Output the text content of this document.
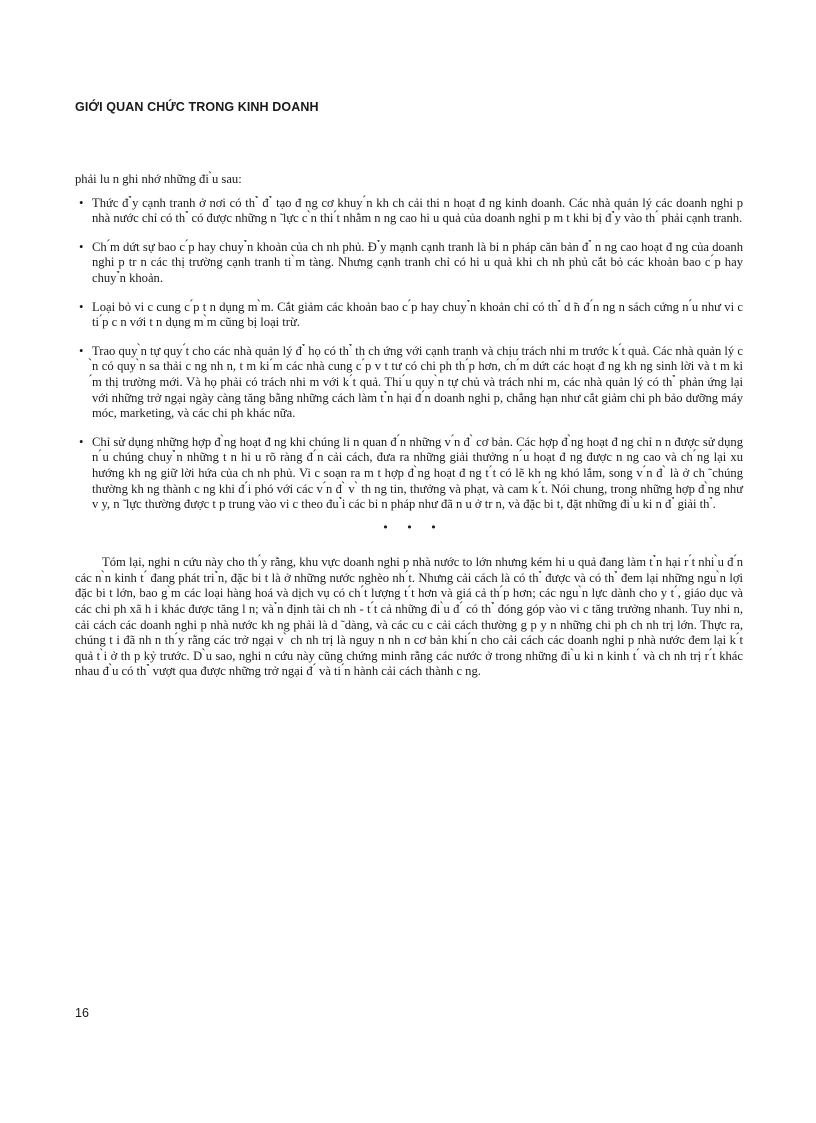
GIỚI QUAN CHỨC TRONG KINH DOANH

phải lu n ghi nhớ những đi ̀u sau:

• Thức đ ̉y cạnh tranh ở nơi có th ̉ đ ̉ tạo đ ng cơ khuy ́n kh ch cải thi n hoạt đ ng kinh doanh. Các nhà quản lý các doanh nghi p nhà nước chỉ có th ̉ có được những n ̃ lực c ̀n thi ́t nhằm n ng cao hi u quả của doanh nghi p m t khi bị đ ̉y vào th ́ phải cạnh tranh.
• Ch ́m dứt sự bao c ́p hay chuy ̉n khoản của ch nh phủ. Đ ̉y mạnh cạnh tranh là bi n pháp căn bản đ ̉ n ng cao hoạt đ ng của doanh nghi p tr n các thị trường cạnh tranh ti ̀m tàng. Nhưng cạnh tranh chỉ có hi u quả khi ch nh phủ cắt bỏ các khoản bao c ́p hay chuy ̉n khoản.
• Loại bỏ vi c cung c ́p t n dụng m ̀m. Cắt giảm các khoản bao c ́p hay chuy ̉n khoản chỉ có th ̉ d ̃n đ ́n ng n sách cứng n ́u như vi c ti ́p c n với t n dụng m ̀m cũng bị loại trừ.
• Trao quy ̀n tự quy ́t cho các nhà quản lý đ ̉ họ có th ̉ th ch ứng với cạnh tranh và chịu trách nhi m trước k ́t quả. Các nhà quản lý c ̀n có quy ̀n sa thải c ng nh n, t m ki ́m các nhà cung c ́p v t tư có chi ph th ́p hơn, ch ́m dứt các hoạt đ ng kh ng sinh lời và t m ki ́m thị trường mới. Và họ phải có trách nhi m với k ́t quả. Thi ́u quy ̀n tự chủ và trách nhi m, các nhà quản lý có th ̉ phản ứng lại với những trở ngại ngày càng tăng bằng những cách làm t ̉n hại đ ́n doanh nghi p, chẳng hạn như cắt giảm chi ph bảo dưỡng máy móc, marketing, và các chi ph khác nữa.
• Chỉ sử dụng những hợp đ ̀ng hoạt đ ng khi chúng li n quan đ ́n những v ́n đ ̀ cơ bản. Các hợp đ ̀ng hoạt đ ng chỉ n n được sử dụng n ́u chúng chuy ̉n những t n hi u rõ ràng đ ́n cải cách, đưa ra những giải thưởng n ́u hoạt đ ng được n ng cao và ch ́ng lại xu hướng kh ng giữ lời hứa của ch nh phủ. Vi c soạn ra m t hợp đ ̀ng hoạt đ ng t ́t có lẽ kh ng khó lắm, song v ́n đ ̀ là ở ch ̃ chúng thường kh ng thành c ng khi đ ́i phó với các v ́n đ ̀ v ̀ th ng tin, thưởng và phạt, và cam k ́t. Nói chung, trong những hợp đ ̀ng như v y, n ̃ lực thường được t p trung vào vi c theo đu ̉i các bi n pháp như đã n u ở tr n, và đặc bi t, đặt những đi ̀u ki n đ ̉ giải th ̉.
• • •

Tóm lại, nghi n cứu này cho th ́y rằng, khu vực doanh nghi p nhà nước to lớn nhưng kém hi u quả đang làm t ̉n hại r ́t nhi ̀u đ ́n các n ̀n kinh t ́ đang phát tri ̉n, đặc bi t là ở những nước nghèo nh ́t. Nhưng cải cách là có th ̉ được và có th ̉ đem lại những ngu ̀n lợi đặc bi t lớn, bao g ̀m các loại hàng hoá và dịch vụ có ch ́t lượng t ́t hơn và giá cả th ́p hơn; các ngu ̀n lực dành cho y t ́, giáo dục và các chi ph xã h i khác được tăng l n; và ̉n định tài ch nh - t ́t cả những đi ̀u đ ́ có th ̉ đóng góp vào vi c tăng trưởng nhanh. Tuy nhi n, cải cách các doanh nghi p nhà nước kh ng phải là d ̃ dàng, và các cu c cải cách thường g p y n những chi ph ch nh trị lớn. Thực ra, chúng t i đã nh n th ́y rằng các trở ngại v ̀ ch nh trị là nguy n nh n cơ bản khi ́n cho cải cách các doanh nghi p nhà nước đem lại k ́t quả t ̀i ở th p kỷ trước. D ̀u sao, nghi n cứu này cũng chứng minh rằng các nước ở trong những đi ̀u ki n kinh t ́ và ch nh trị r ́t khác nhau đ ̀u có th ̉ vượt qua được những trở ngại đ ́ và ti ́n hành cải cách thành c ng.

16
